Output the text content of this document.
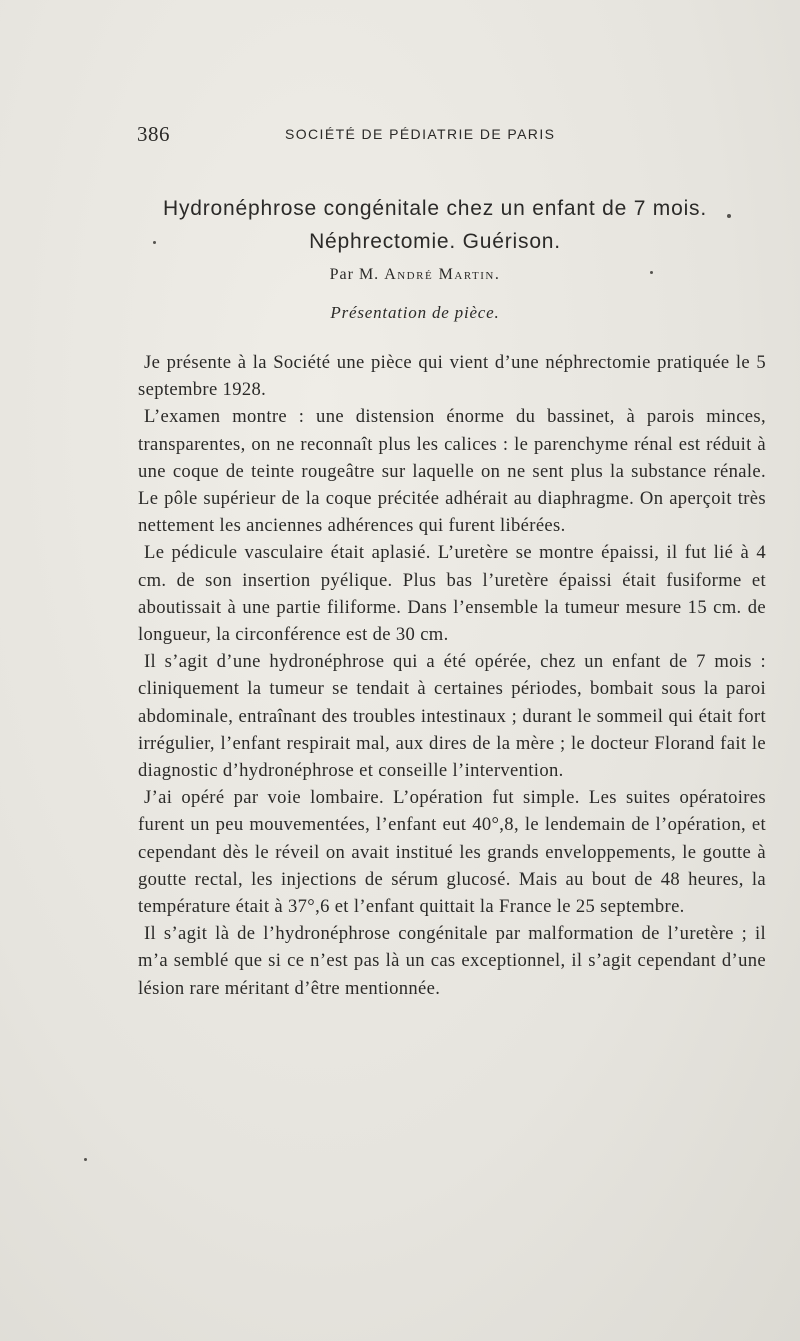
386	SOCIÉTÉ DE PÉDIATRIE DE PARIS
Hydronéphrose congénitale chez un enfant de 7 mois.
Néphrectomie. Guérison.
Par M. André Martin.
Présentation de pièce.

Je présente à la Société une pièce qui vient d’une néphrectomie pratiquée le 5 septembre 1928.

L’examen montre : une distension énorme du bassinet, à parois minces, transparentes, on ne reconnaît plus les calices : le parenchyme rénal est réduit à une coque de teinte rougeâtre sur laquelle on ne sent plus la substance rénale. Le pôle supérieur de la coque précitée adhérait au diaphragme. On aperçoit très nettement les anciennes adhérences qui furent libérées.

Le pédicule vasculaire était aplasié. L’uretère se montre épaissi, il fut lié à 4 cm. de son insertion pyélique. Plus bas l’uretère épaissi était fusiforme et aboutissait à une partie filiforme. Dans l’ensemble la tumeur mesure 15 cm. de longueur, la circonférence est de 30 cm.

Il s’agit d’une hydronéphrose qui a été opérée, chez un enfant de 7 mois : cliniquement la tumeur se tendait à certaines périodes, bombait sous la paroi abdominale, entraînant des troubles intestinaux ; durant le sommeil qui était fort irrégulier, l’enfant respirait mal, aux dires de la mère ; le docteur Florand fait le diagnostic d’hydronéphrose et conseille l’intervention.

J’ai opéré par voie lombaire. L’opération fut simple. Les suites opératoires furent un peu mouvementées, l’enfant eut 40°,8, le lendemain de l’opération, et cependant dès le réveil on avait institué les grands enveloppements, le goutte à goutte rectal, les injections de sérum glucosé. Mais au bout de 48 heures, la température était à 37°,6 et l’enfant quittait la France le 25 septembre.

Il s’agit là de l’hydronéphrose congénitale par malformation de l’uretère ; il m’a semblé que si ce n’est pas là un cas exceptionnel, il s’agit cependant d’une lésion rare méritant d’être mentionnée.
